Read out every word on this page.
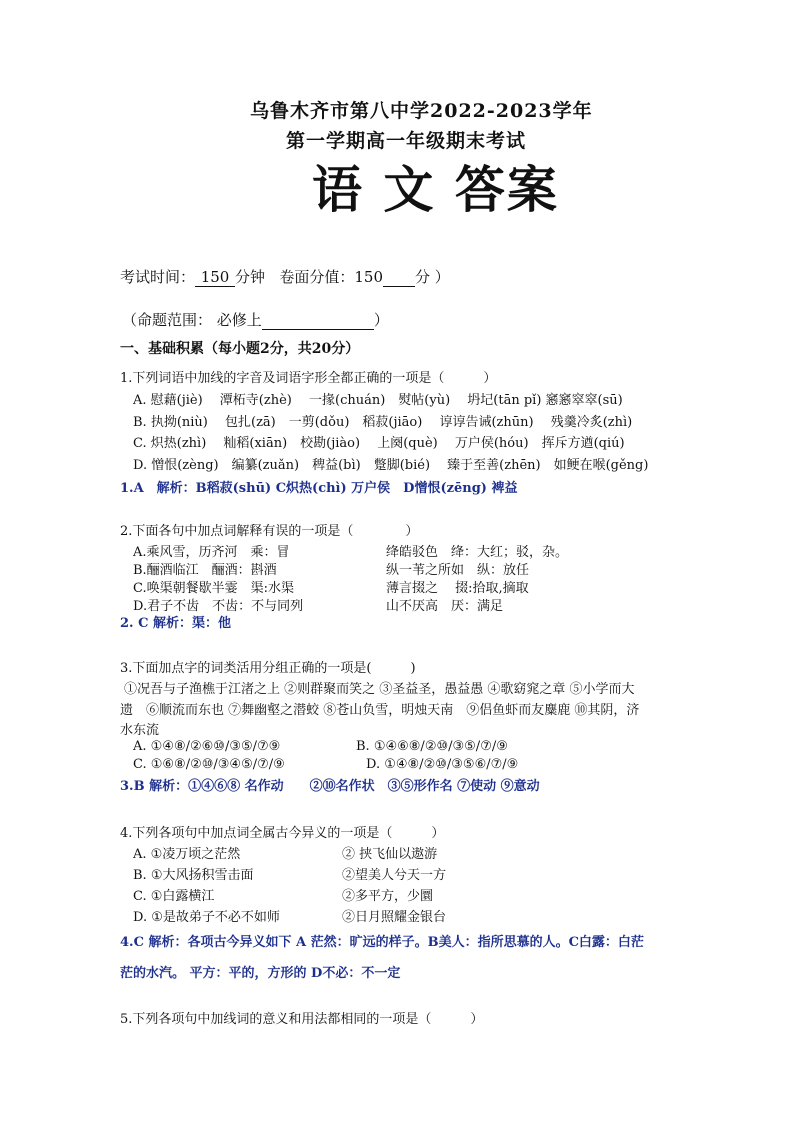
乌鲁木齐市第八中学2022-2023学年
第一学期高一年级期末考试
语 文 答案
考试时间： 150 分钟 卷面分值：150 分 ）
（命题范围： 必修上	）
一、基础积累（每小题2分，共20分）
1.下列词语中加线的字音及词语字形全都正确的一项是（　　　）
A. 慰藉(jiè)　 潭柘寺(zhè)　 一掾(chuán)　熨帖(yù)　 坍圮(tān pǐ) 窸窸窣窣(sū)
B. 执拗(niù)　 包扎(zā)　一剪(dǒu)　稻菽(jiāo)　 谆谆告诫(zhūn)　 残羹冷炙(zhì)
C. 炽热(zhì)　 籼稻(xiān)　校勘(jiào)　 上阕(què)　 万户侯(hóu)　挥斥方遒(qiú)
D. 憎恨(zèng)　编纂(zuǎn)　稗益(bì)　蹩脚(bié)　 臻于至善(zhēn)　如鲠在喉(gěng)
1.A　解析：B稻菽(shū) C炽热(chì) 万户侯　D憎恨(zēng) 裨益
2.下面各句中加点词解释有误的一项是（　　　　）
A.乘风雪，历齐河　乘：冒	绛皓驳色　绛：大红；驳，杂。
B.酾酒临江　酾酒：斟酒	纵一苇之所如　纵：放任
C.唤渠朝餐歇半霎　渠:水渠	薄言掇之　 掇:拾取,摘取
D.君子不齿　不齿：不与同列	山不厌高　厌：满足
2. C 解析：渠：他
3.下面加点字的词类活用分组正确的一项是(　　　)
①况吾与子渔樵于江渚之上 ②则群聚而笑之 ③圣益圣，愚益愚 ④歌窈窕之章 ⑤小学而大
遗　⑥顺流而东也 ⑦舞幽壑之潜蛟 ⑧苍山负雪，明烛天南　⑨侣鱼虾而友麋鹿 ⑩其阴，济
水东流
A. ①④⑧/②⑥⑩/③⑤/⑦⑨	B. ①④⑥⑧/②⑩/③⑤/⑦/⑨
C. ①⑥⑧/②⑩/③④⑤/⑦/⑨	D. ①④⑧/②⑩/③⑤⑥/⑦/⑨
3.B 解析：①④⑥⑧ 名作动　　②⑩名作状　③⑤形作名 ⑦使动 ⑨意动
4.下列各项句中加点词全属古今异义的一项是（　　　）
A. ①凌万顷之茫然	② 挟飞仙以遨游
B. ①大风扬积雪击面	②望美人兮天一方
C. ①白露横江	②多平方，少圜
D. ①是故弟子不必不如师	②日月照耀金银台
4.C 解析：各项古今异义如下 A 茫然：旷远的样子。B美人：指所思慕的人。C白露：白茫
茫的水汽。 平方：平的，方形的 D不必：不一定
5.下列各项句中加线词的意义和用法都相同的一项是（　　　）
